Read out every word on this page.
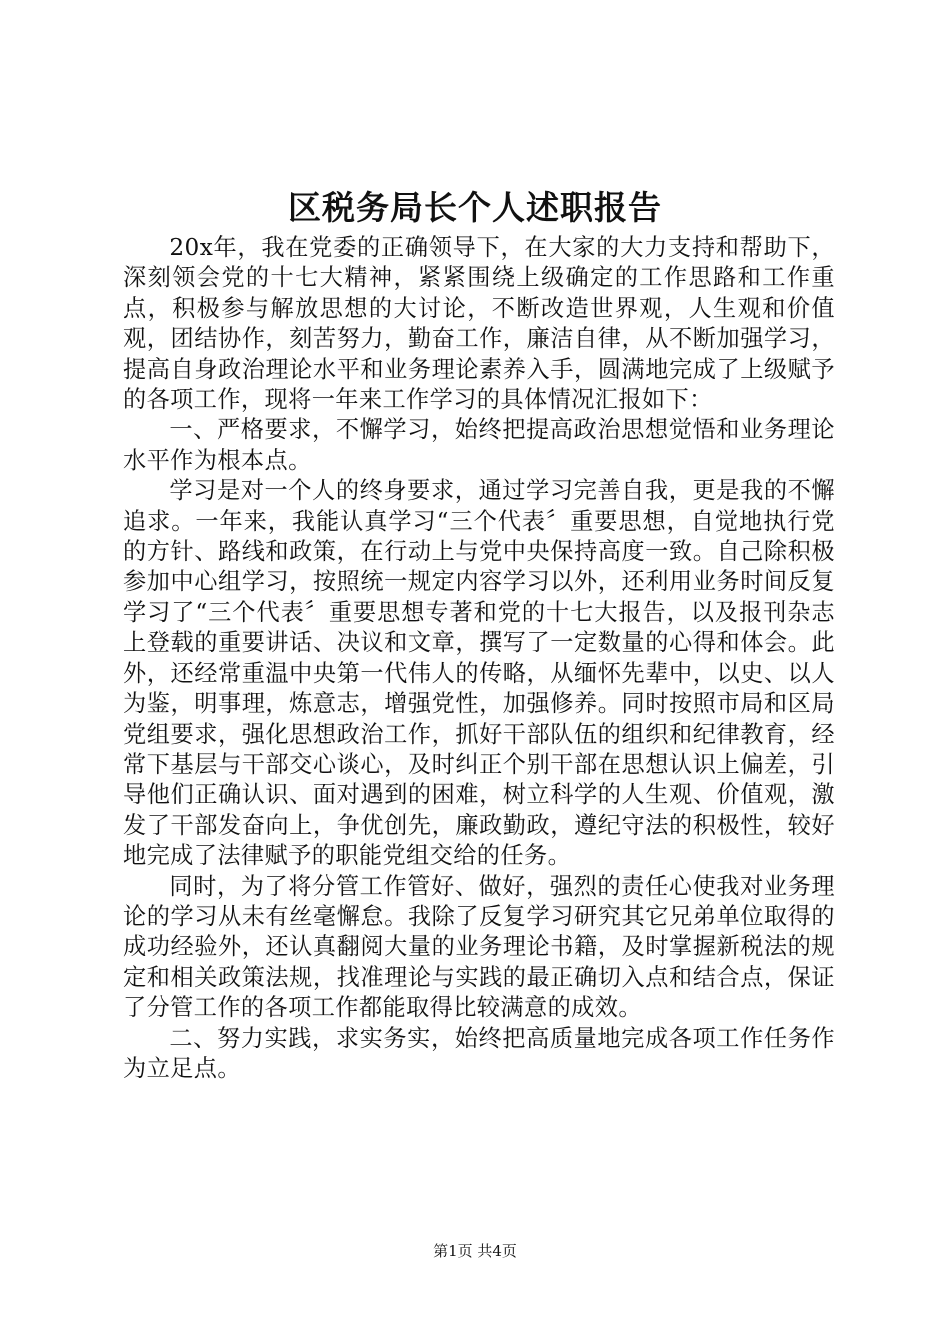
区税务局长个人述职报告

20x年，我在党委的正确领导下，在大家的大力支持和帮助下，深刻领会党的十七大精神，紧紧围绕上级确定的工作思路和工作重点，积极参与解放思想的大讨论，不断改造世界观，人生观和价值观，团结协作，刻苦努力，勤奋工作，廉洁自律，从不断加强学习，提高自身政治理论水平和业务理论素养入手，圆满地完成了上级赋予的各项工作，现将一年来工作学习的具体情况汇报如下：

一、严格要求，不懈学习，始终把提高政治思想觉悟和业务理论水平作为根本点。

学习是对一个人的终身要求，通过学习完善自我，更是我的不懈追求。一年来，我能认真学习“三个代表〞重要思想，自觉地执行党的方针、路线和政策，在行动上与党中央保持高度一致。自己除积极参加中心组学习，按照统一规定内容学习以外，还利用业务时间反复学习了“三个代表〞重要思想专著和党的十七大报告，以及报刊杂志上登载的重要讲话、决议和文章，撰写了一定数量的心得和体会。此外，还经常重温中央第一代伟人的传略，从缅怀先辈中，以史、以人为鉴，明事理，炼意志，增强党性，加强修养。同时按照市局和区局党组要求，强化思想政治工作，抓好干部队伍的组织和纪律教育，经常下基层与干部交心谈心，及时纠正个别干部在思想认识上偏差，引导他们正确认识、面对遇到的困难，树立科学的人生观、价值观，激发了干部发奋向上，争优创先，廉政勤政，遵纪守法的积极性，较好地完成了法律赋予的职能党组交给的任务。

同时，为了将分管工作管好、做好，强烈的责任心使我对业务理论的学习从未有丝毫懈怠。我除了反复学习研究其它兄弟单位取得的成功经验外，还认真翻阅大量的业务理论书籍，及时掌握新税法的规定和相关政策法规，找准理论与实践的最正确切入点和结合点，保证了分管工作的各项工作都能取得比较满意的成效。

二、努力实践，求实务实，始终把高质量地完成各项工作任务作为立足点。

第1页 共4页
